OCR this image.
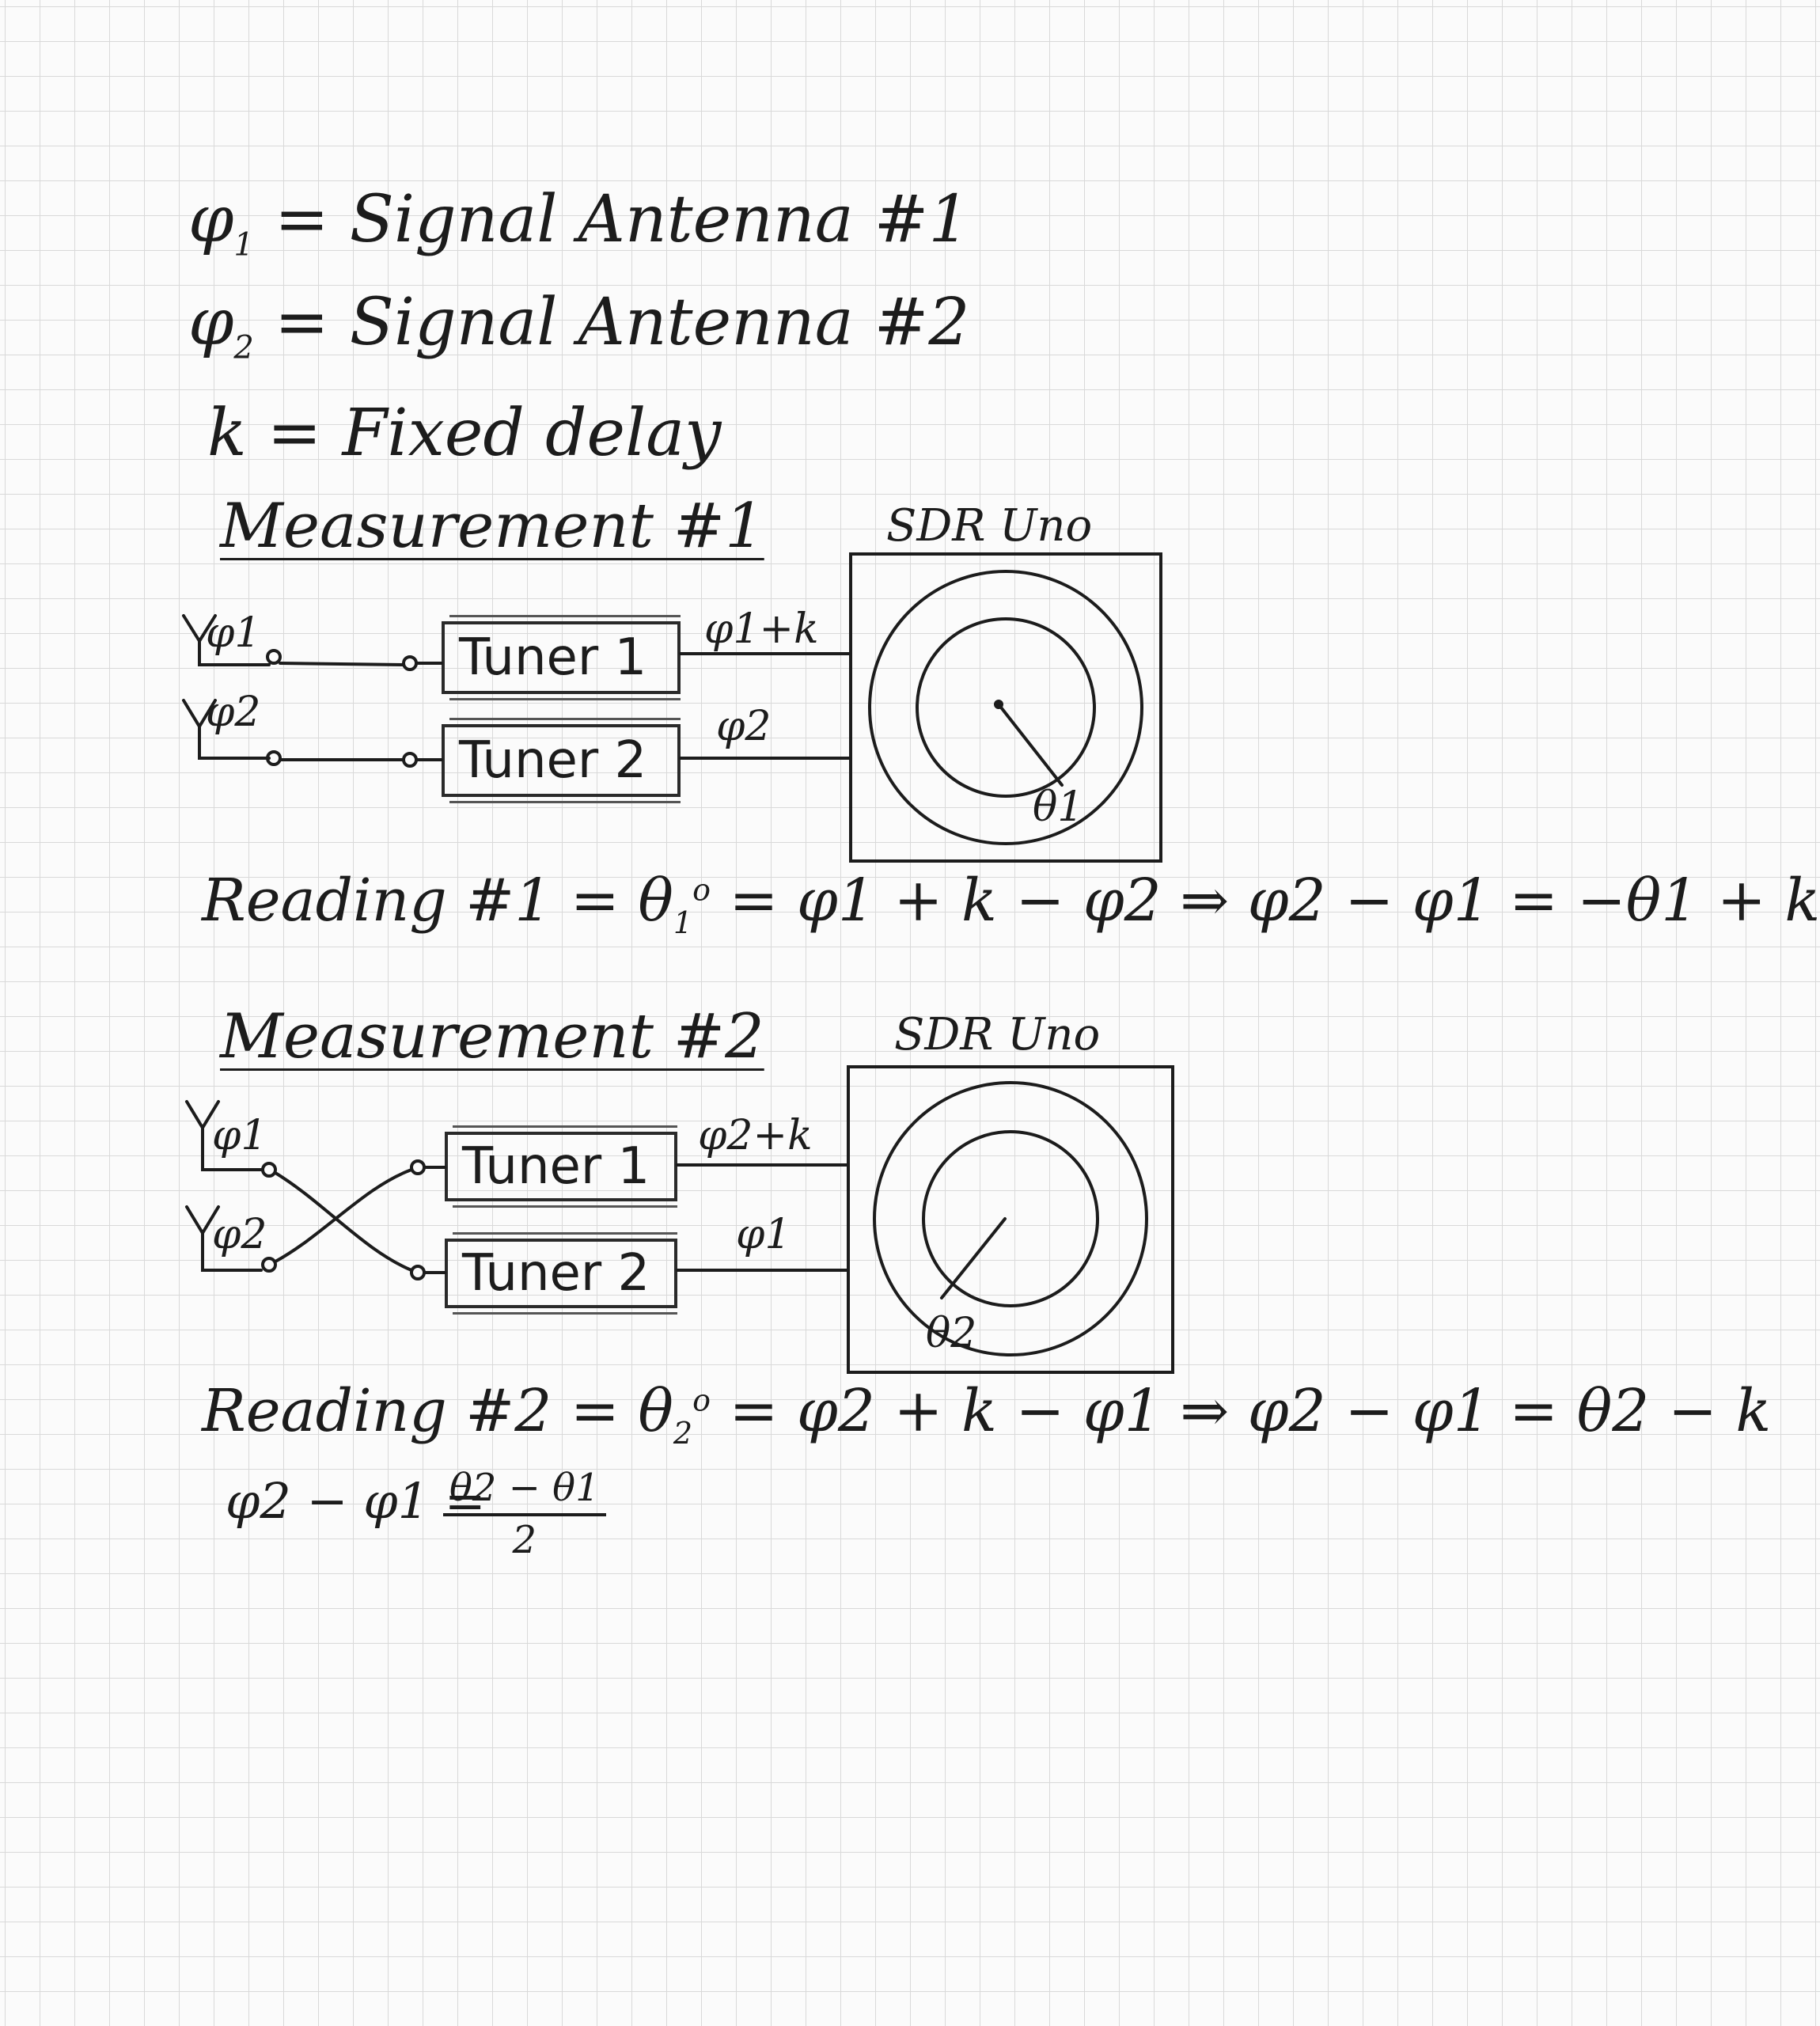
$\varphi_1$ = Signal Antenna #1
$\varphi_2$ = Signal Antenna #2
k = Fixed delay
Measurement #1	SDR Uno
φ1
φ2
Tuner 1
Tuner 2
φ1+k
φ2
θ1
Reading #1 = $\theta_1^o = \varphi 1 + k - \varphi 2$ ⇒ φ2 − φ1 = −θ1 + k
Measurement #2	SDR Uno
φ1
φ2
Tuner 1
Tuner 2
φ2+k
φ1
θ2
Reading #2 = $\theta_2^o = \varphi 2 + k - \varphi 1$ ⇒ φ2 − φ1 = θ2 − k
φ2 − φ1 =
$\frac{\theta 2 - \theta 1}{2}$
